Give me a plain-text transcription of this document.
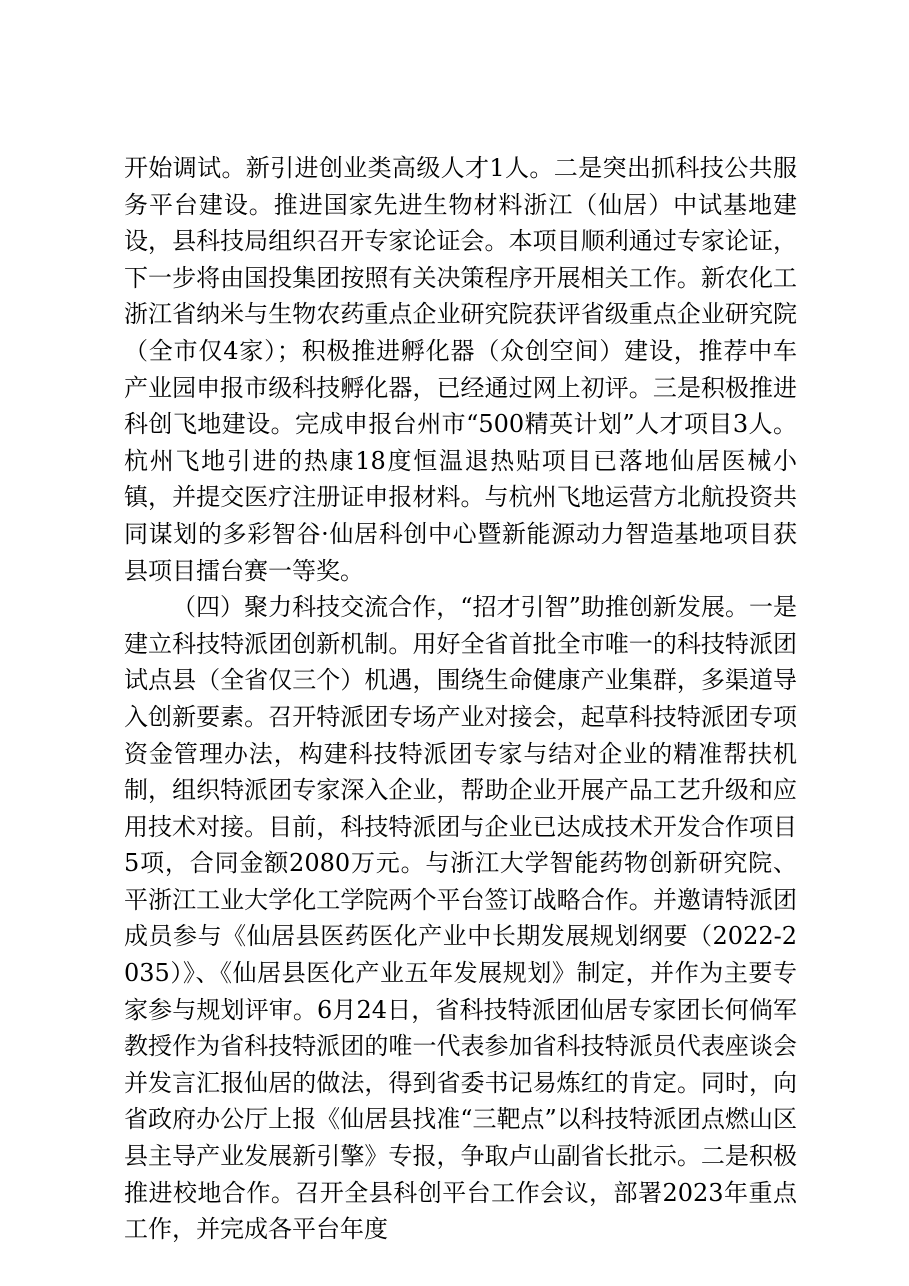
开始调试。新引进创业类高级人才1人。二是突出抓科技公共服务平台建设。推进国家先进生物材料浙江（仙居）中试基地建设，县科技局组织召开专家论证会。本项目顺利通过专家论证，下一步将由国投集团按照有关决策程序开展相关工作。新农化工浙江省纳米与生物农药重点企业研究院获评省级重点企业研究院（全市仅4家）；积极推进孵化器（众创空间）建设，推荐中车产业园申报市级科技孵化器，已经通过网上初评。三是积极推进科创飞地建设。完成申报台州市“500精英计划”人才项目3人。杭州飞地引进的热康18度恒温退热贴项目已落地仙居医械小镇，并提交医疗注册证申报材料。与杭州飞地运营方北航投资共同谋划的多彩智谷·仙居科创中心暨新能源动力智造基地项目获县项目擂台赛一等奖。

（四）聚力科技交流合作，“招才引智”助推创新发展。一是建立科技特派团创新机制。用好全省首批全市唯一的科技特派团试点县（全省仅三个）机遇，围绕生命健康产业集群，多渠道导入创新要素。召开特派团专场产业对接会，起草科技特派团专项资金管理办法，构建科技特派团专家与结对企业的精准帮扶机制，组织特派团专家深入企业，帮助企业开展产品工艺升级和应用技术对接。目前，科技特派团与企业已达成技术开发合作项目5项，合同金额2080万元。与浙江大学智能药物创新研究院、平浙江工业大学化工学院两个平台签订战略合作。并邀请特派团成员参与《仙居县医药医化产业中长期发展规划纲要（2022-2035）》、《仙居县医化产业五年发展规划》制定，并作为主要专家参与规划评审。6月24日，省科技特派团仙居专家团长何倘军教授作为省科技特派团的唯一代表参加省科技特派员代表座谈会并发言汇报仙居的做法，得到省委书记易炼红的肯定。同时，向省政府办公厅上报《仙居县找准“三靶点”以科技特派团点燃山区县主导产业发展新引擎》专报，争取卢山副省长批示。二是积极推进校地合作。召开全县科创平台工作会议，部署2023年重点工作，并完成各平台年度
